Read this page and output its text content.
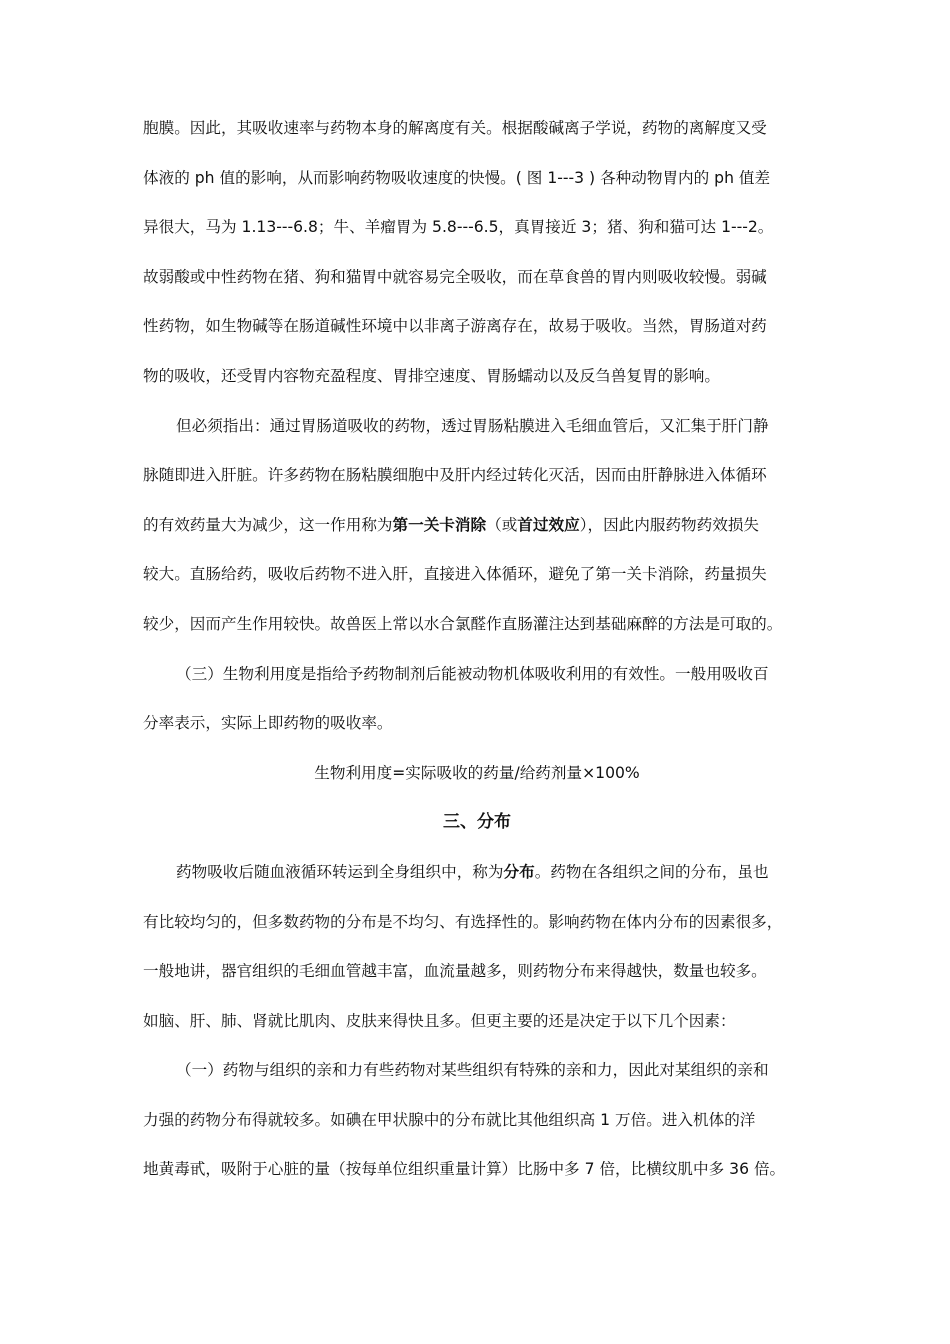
胞膜。因此，其吸收速率与药物本身的解离度有关。根据酸碱离子学说，药物的离解度又受
体液的 ph 值的影响，从而影响药物吸收速度的快慢。( 图 1---3 ) 各种动物胃内的 ph 值差
异很大，马为 1.13---6.8；牛、羊瘤胃为 5.8---6.5，真胃接近 3；猪、狗和猫可达 1---2。
故弱酸或中性药物在猪、狗和猫胃中就容易完全吸收，而在草食兽的胃内则吸收较慢。弱碱
性药物，如生物碱等在肠道碱性环境中以非离子游离存在，故易于吸收。当然，胃肠道对药
物的吸收，还受胃内容物充盈程度、胃排空速度、胃肠蠕动以及反刍兽复胃的影响。
但必须指出：通过胃肠道吸收的药物，透过胃肠粘膜进入毛细血管后，又汇集于肝门静
脉随即进入肝脏。许多药物在肠粘膜细胞中及肝内经过转化灭活，因而由肝静脉进入体循环
的有效药量大为减少，这一作用称为第一关卡消除（或首过效应），因此内服药物药效损失
较大。直肠给药，吸收后药物不进入肝，直接进入体循环，避免了第一关卡消除，药量损失
较少，因而产生作用较快。故兽医上常以水合氯醛作直肠灌注达到基础麻醉的方法是可取的。
（三）生物利用度是指给予药物制剂后能被动物机体吸收利用的有效性。一般用吸收百
分率表示，实际上即药物的吸收率。
生物利用度=实际吸收的药量/给药剂量×100%
三、分布
药物吸收后随血液循环转运到全身组织中，称为分布。药物在各组织之间的分布，虽也
有比较均匀的，但多数药物的分布是不均匀、有选择性的。影响药物在体内分布的因素很多，
一般地讲，器官组织的毛细血管越丰富，血流量越多，则药物分布来得越快，数量也较多。
如脑、肝、肺、肾就比肌肉、皮肤来得快且多。但更主要的还是决定于以下几个因素：
（一）药物与组织的亲和力有些药物对某些组织有特殊的亲和力，因此对某组织的亲和
力强的药物分布得就较多。如碘在甲状腺中的分布就比其他组织高 1 万倍。进入机体的洋
地黄毒甙，吸附于心脏的量（按每单位组织重量计算）比肠中多 7 倍，比横纹肌中多 36 倍。
